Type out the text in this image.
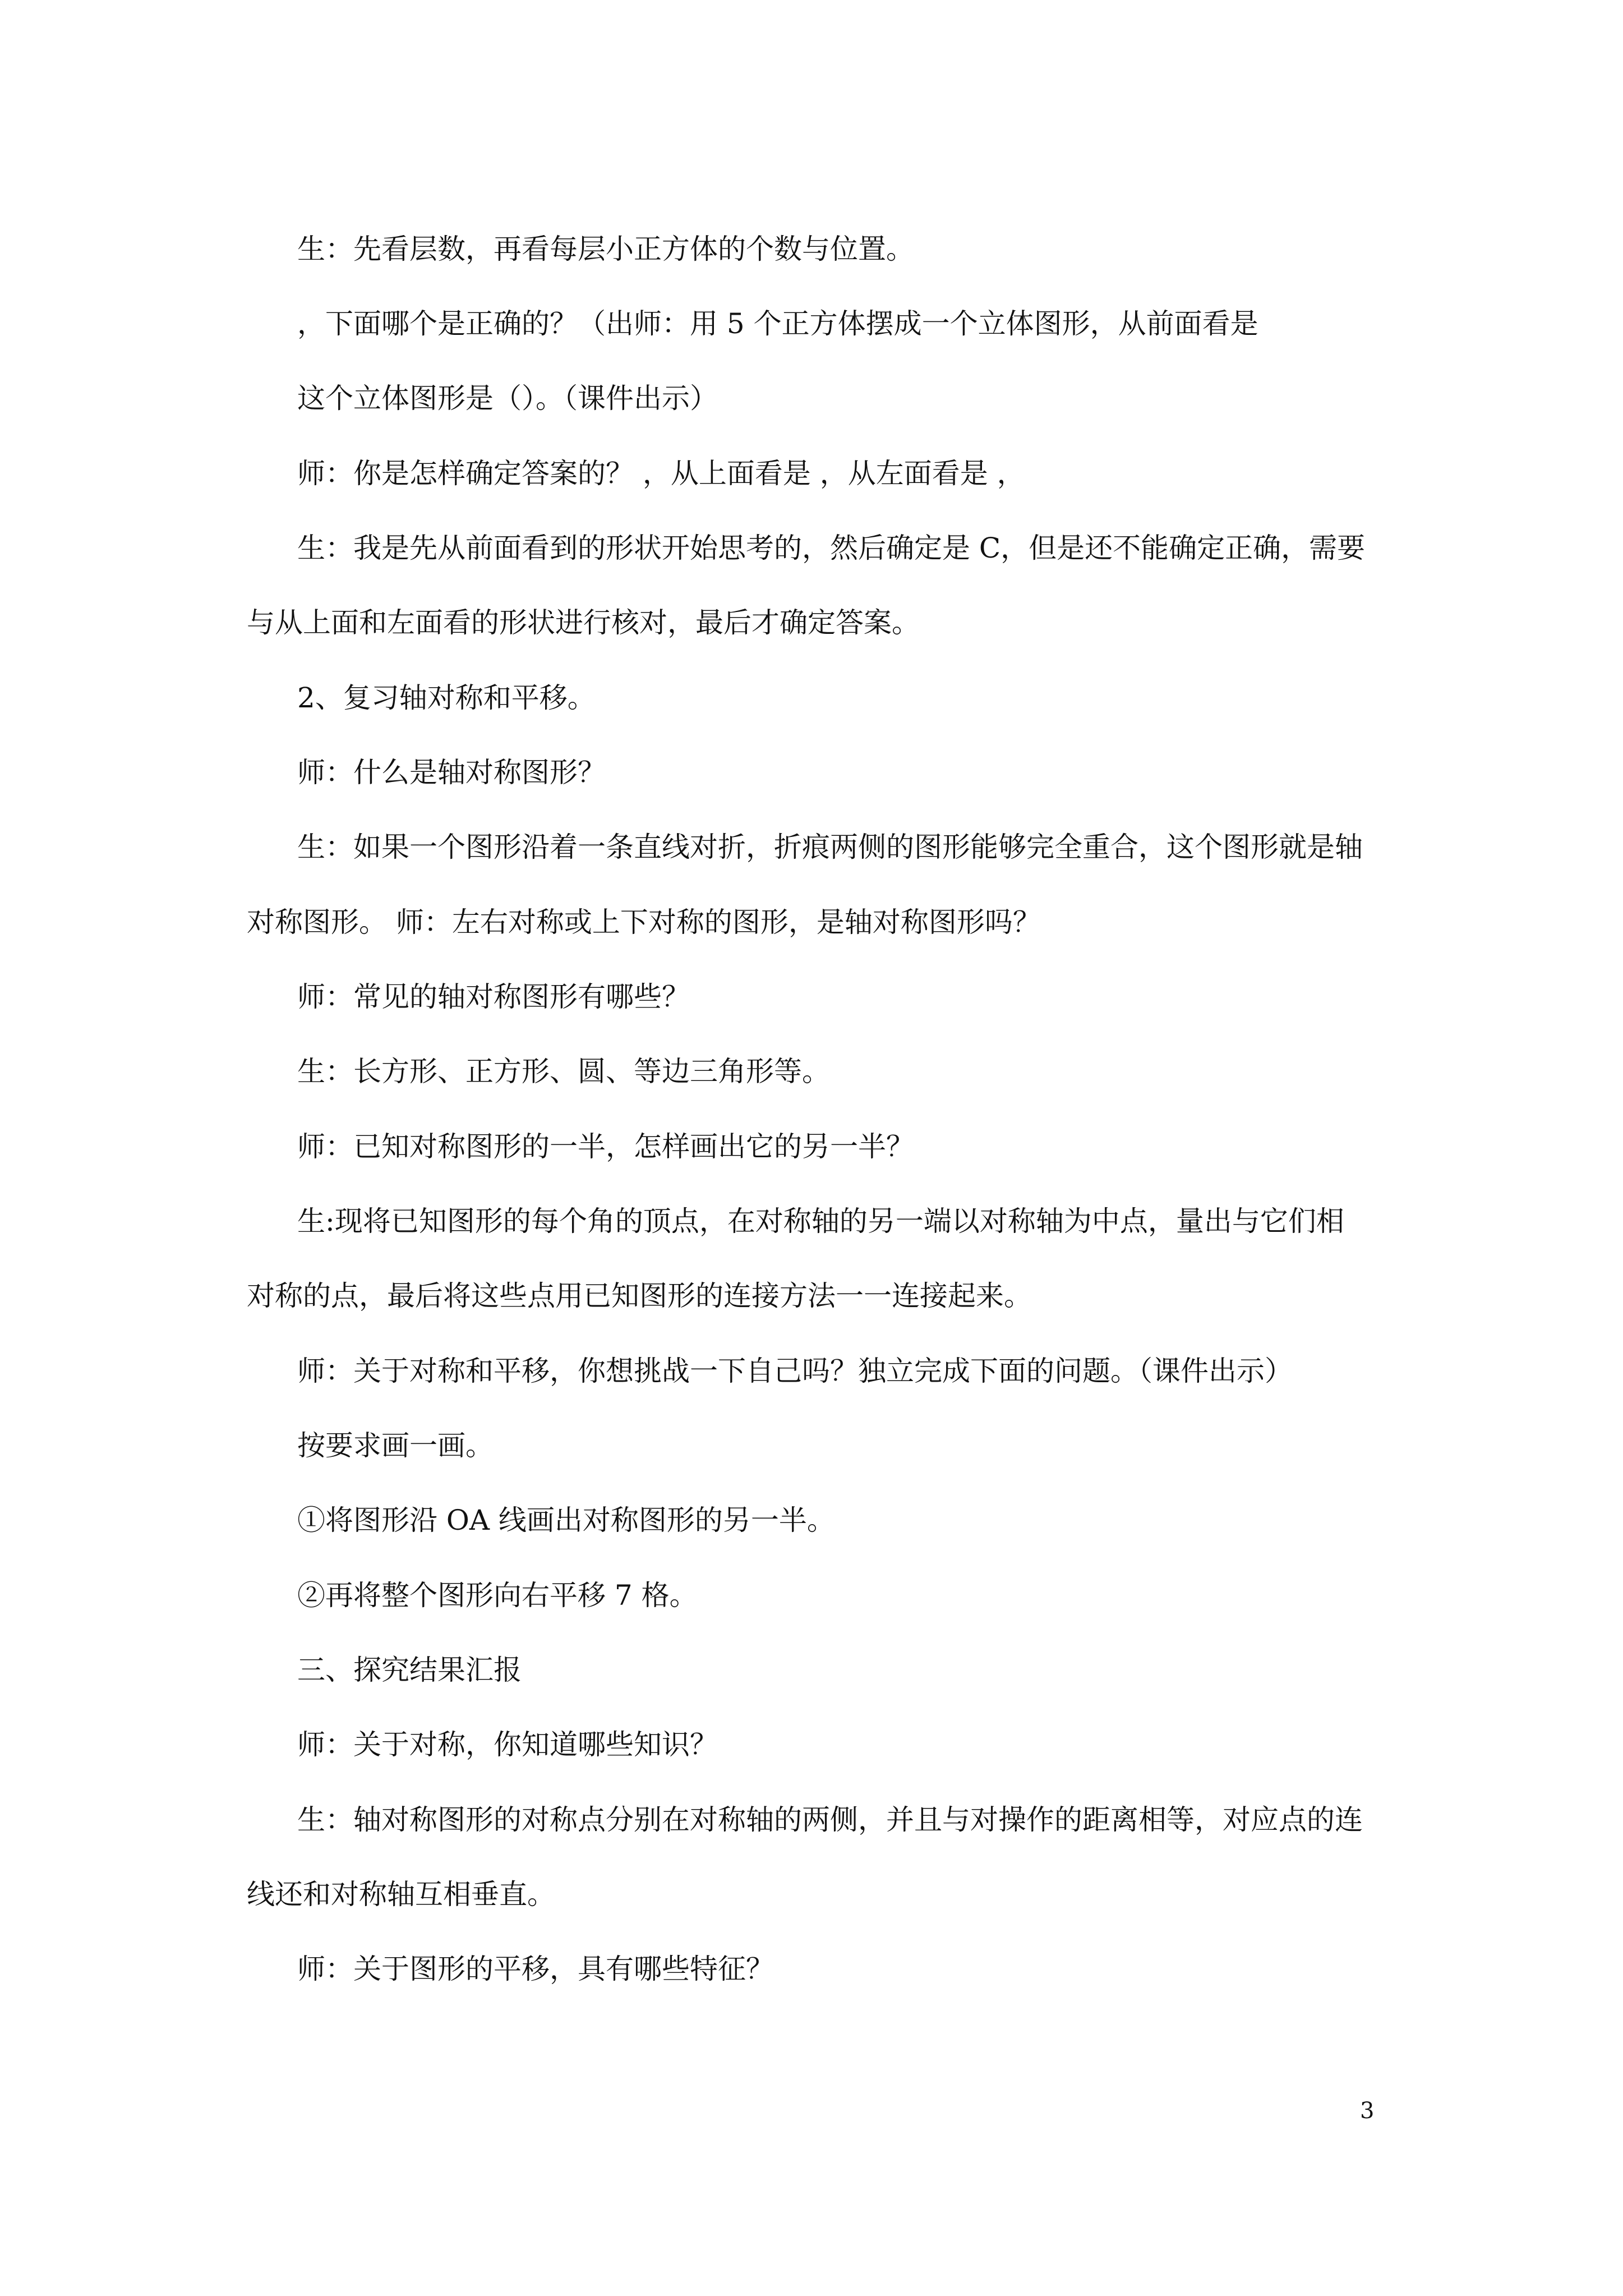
生：先看层数，再看每层小正方体的个数与位置。
，下面哪个是正确的？（出师：用 5 个正方体摆成一个立体图形，从前面看是
这个立体图形是（）。（课件出示）
师：你是怎样确定答案的？ ，从上面看是 ，从左面看是 ，
生：我是先从前面看到的形状开始思考的，然后确定是 C，但是还不能确定正确，需要
与从上面和左面看的形状进行核对，最后才确定答案。
2、复习轴对称和平移。
师：什么是轴对称图形？
生：如果一个图形沿着一条直线对折，折痕两侧的图形能够完全重合，这个图形就是轴
对称图形。 师：左右对称或上下对称的图形，是轴对称图形吗？
师：常见的轴对称图形有哪些？
生：长方形、正方形、圆、等边三角形等。
师：已知对称图形的一半，怎样画出它的另一半？
生:现将已知图形的每个角的顶点，在对称轴的另一端以对称轴为中点，量出与它们相
对称的点，最后将这些点用已知图形的连接方法一一连接起来。
师：关于对称和平移，你想挑战一下自己吗？独立完成下面的问题。（课件出示）
按要求画一画。
①将图形沿 OA 线画出对称图形的另一半。
②再将整个图形向右平移 7 格。
三、探究结果汇报
师：关于对称，你知道哪些知识？
生：轴对称图形的对称点分别在对称轴的两侧，并且与对操作的距离相等，对应点的连
线还和对称轴互相垂直。
师：关于图形的平移，具有哪些特征？
3
